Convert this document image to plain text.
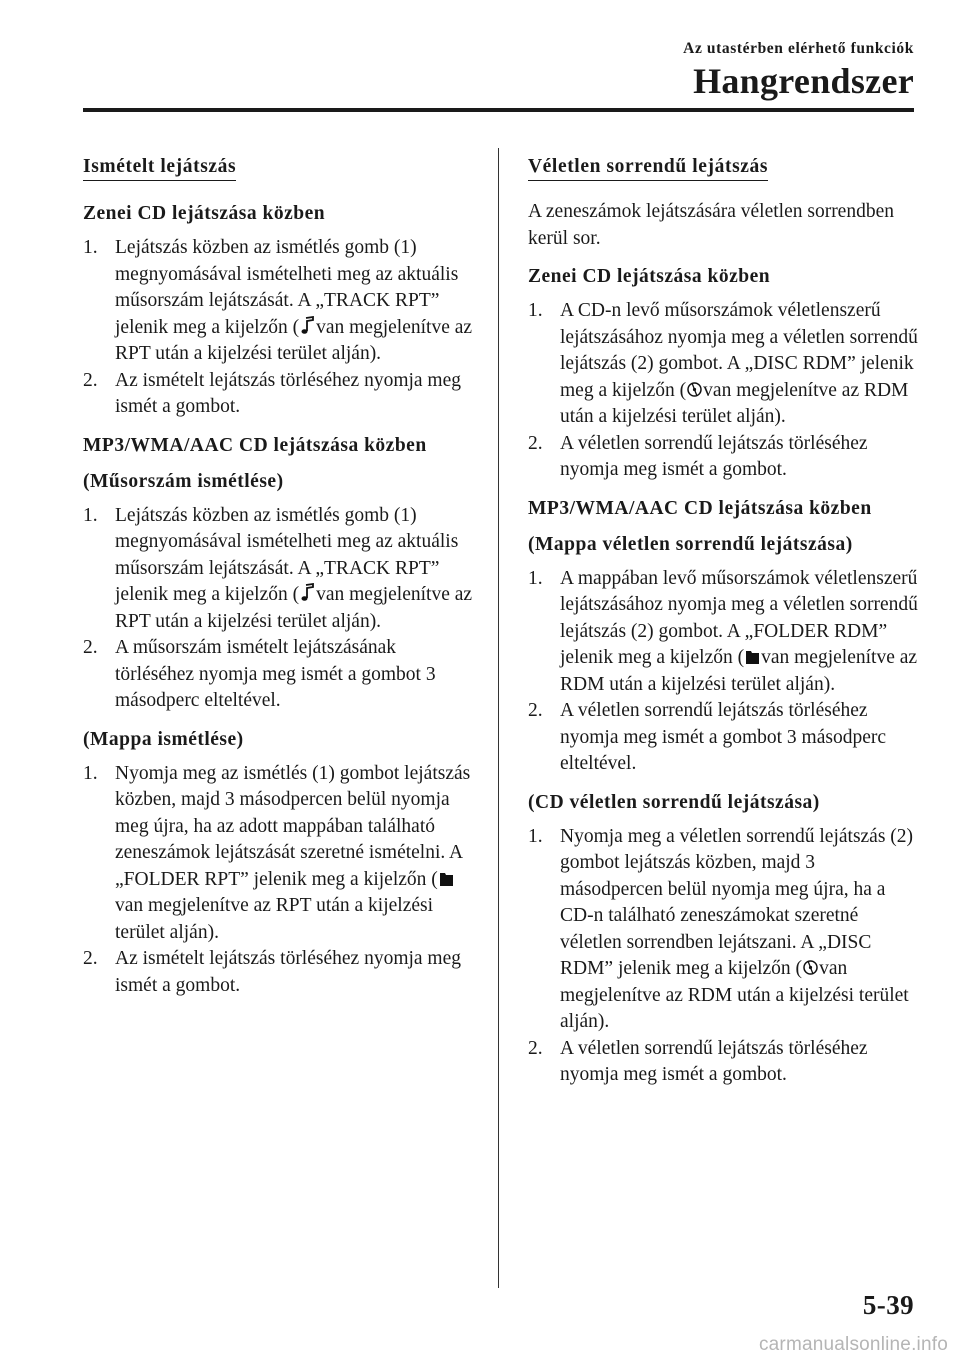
Az utastérben elérhető funkciók
Hangrendszer
Ismételt lejátszás
Zenei CD lejátszása közben
1. Lejátszás közben az ismétlés gomb (1) megnyomásával ismételheti meg az aktuális műsorszám lejátszását. A „TRACK RPT” jelenik meg a kijelzőn ( van megjelenítve az RPT után a kijelzési terület alján).
2. Az ismételt lejátszás törléséhez nyomja meg ismét a gombot.
MP3/WMA/AAC CD lejátszása közben
(Műsorszám ismétlése)
1. Lejátszás közben az ismétlés gomb (1) megnyomásával ismételheti meg az aktuális műsorszám lejátszását. A „TRACK RPT” jelenik meg a kijelzőn ( van megjelenítve az RPT után a kijelzési terület alján).
2. A műsorszám ismételt lejátszásának törléséhez nyomja meg ismét a gombot 3 másodperc elteltével.
(Mappa ismétlése)
1. Nyomja meg az ismétlés (1) gombot lejátszás közben, majd 3 másodpercen belül nyomja meg újra, ha az adott mappában található zeneszámok lejátszását szeretné ismételni. A „FOLDER RPT” jelenik meg a kijelzőn (van megjelenítve az RPT után a kijelzési terület alján).
2. Az ismételt lejátszás törléséhez nyomja meg ismét a gombot.
Véletlen sorrendű lejátszás
A zeneszámok lejátszására véletlen sorrendben kerül sor.
Zenei CD lejátszása közben
1. A CD-n levő műsorszámok véletlenszerű lejátszásához nyomja meg a véletlen sorrendű lejátszás (2) gombot. A „DISC RDM” jelenik meg a kijelzőn ( van megjelenítve az RDM után a kijelzési terület alján).
2. A véletlen sorrendű lejátszás törléséhez nyomja meg ismét a gombot.
MP3/WMA/AAC CD lejátszása közben
(Mappa véletlen sorrendű lejátszása)
1. A mappában levő műsorszámok véletlenszerű lejátszásához nyomja meg a véletlen sorrendű lejátszás (2) gombot. A „FOLDER RDM” jelenik meg a kijelzőn ( van megjelenítve az RDM után a kijelzési terület alján).
2. A véletlen sorrendű lejátszás törléséhez nyomja meg ismét a gombot 3 másodperc elteltével.
(CD véletlen sorrendű lejátszása)
1. Nyomja meg a véletlen sorrendű lejátszás (2) gombot lejátszás közben, majd 3 másodpercen belül nyomja meg újra, ha a CD-n található zeneszámokat szeretné véletlen sorrendben lejátszani. A „DISC RDM” jelenik meg a kijelzőn ( van megjelenítve az RDM után a kijelzési terület alján).
2. A véletlen sorrendű lejátszás törléséhez nyomja meg ismét a gombot.
5-39
carmanualsonline.info
